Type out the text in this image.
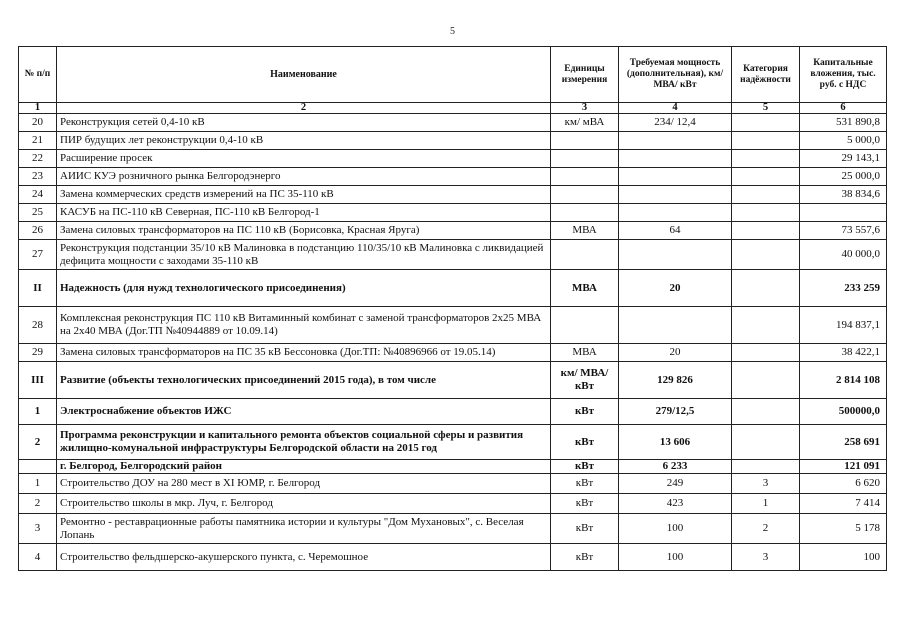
5
№ п/п	Наименование	Единицы измерения	Требуемая мощность (дополнительная), км/ МВА/ кВт	Категория надёжности	Капитальные вложения, тыс. руб. с НДС
1	2	3	4	5	6
20	Реконструкция сетей 0,4-10 кВ	км/ мВА	234/ 12,4		531 890,8
21	ПИР будущих лет реконструкции 0,4-10 кВ				5 000,0
22	Расширение просек				29 143,1
23	АИИС КУЭ розничного рынка Белгородэнерго				25 000,0
24	Замена коммерческих средств измерений на ПС 35-110 кВ				38 834,6
25	КАСУБ на ПС-110 кВ Северная, ПС-110 кВ Белгород-1				
26	Замена силовых трансформаторов на ПС 110 кВ (Борисовка, Красная Яруга)	МВА	64		73 557,6
27	Реконструкция подстанции 35/10 кВ Малиновка в подстанцию 110/35/10 кВ Малиновка с ликвидацией дефицита мощности с заходами 35-110 кВ				40 000,0
II	Надежность (для нужд технологического присоединения)	МВА	20		233 259
28	Комплексная реконструкция ПС 110 кВ Витаминный комбинат с заменой трансформаторов 2х25 МВА на 2х40 МВА (Дог.ТП №40944889 от 10.09.14)				194 837,1
29	Замена силовых трансформаторов на ПС 35 кВ Бессоновка (Дог.ТП: №40896966 от 19.05.14)	МВА	20		38 422,1
III	Развитие (объекты технологических присоединений 2015 года), в том числе	км/ МВА/ кВт	129 826		2 814 108
1	Электроснабжение объектов ИЖС	кВт	279/12,5		500000,0
2	Программа реконструкции и капитального ремонта объектов социальной сферы и развития жилищно-комунальной инфраструктуры Белгородской области на 2015 год	кВт	13 606		258 691
	г. Белгород, Белгородский район	кВт	6 233		121 091
1	Строительство ДОУ на 280 мест в XI ЮМР, г. Белгород	кВт	249	3	6 620
2	Строительство школы в мкр. Луч, г. Белгород	кВт	423	1	7 414
3	Ремонтно - реставрационные работы памятника истории и культуры "Дом Мухановых", с. Веселая Лопань	кВт	100	2	5 178
4	Строительство фельдшерско-акушерского пункта, с. Черемошное	кВт	100	3	100
